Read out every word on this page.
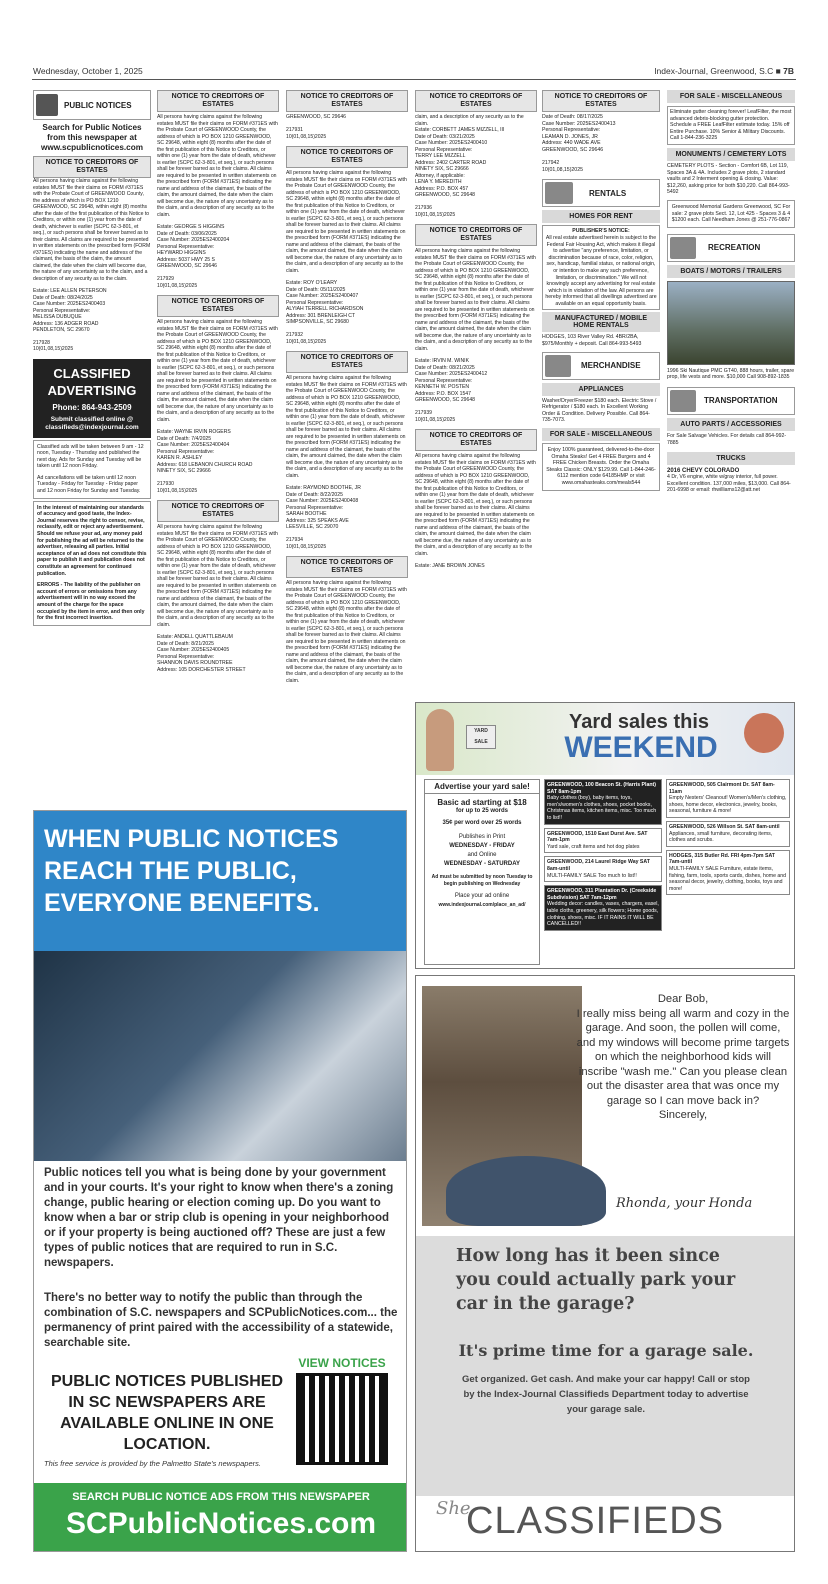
Wednesday, October 1, 2025	Index-Journal, Greenwood, S.C ■ 7B
PUBLIC NOTICES
Search for Public Notices from this newspaper at www.scpublicnotices.com
NOTICE TO CREDITORS OF ESTATES

All persons having claims against the following estates MUST file their claims on FORM #371ES with the Probate Court of GREENWOOD County, the address of which is PO BOX 1210 GREENWOOD, SC 29648, within eight (8) months after the date of the first publication of this Notice to Creditors, or within one (1) year from the date of death, whichever is earlier (SCPC 62-3-801, et seq.), or such persons shall be forever barred as to their claims. All claims are required to be presented in written statements on the prescribed form (FORM #371ES) indicating the name and address of the claimant, the basis of the claim, the amount claimed, the date when the claim will become due, the nature of any uncertainty as to the claim, and a description of any security as to the claim.

Estate: LEE ALLEN PETERSON
Date of Death: 08/24/2025
Case Number: 2025ES2400403
Personal Representative:
MELISSA DUBUQUE
Address: 136 ADGER ROAD
PENDLETON, SC 29670

217928
10(01,08,15)2025

CLASSIFIED ADVERTISING
Phone: 864-943-2509
Submit classified online @ classifieds@indexjournal.com

Classified ads will be taken between 9 am - 12 noon, Tuesday - Thursday and published the next day. Ads for Sunday and Tuesday will be taken until 12 noon Friday.

Ad cancellations will be taken until 12 noon Tuesday - Friday for Tuesday - Friday paper and 12 noon Friday for Sunday and Tuesday.

In the interest of maintaining our standards of accuracy and good taste, the Index-Journal reserves the right to censor, revise, reclassify, edit or reject any advertisement. Should we refuse your ad, any money paid for publishing the ad will be returned to the advertiser, releasing all parties. Initial acceptance of an ad does not constitute this paper to publish it and publication does not constitute an agreement for continued publication.

ERRORS - The liability of the publisher on account of errors or omissions from any advertisement will in no way exceed the amount of the charge for the space occupied by the item in error, and then only for the first incorrect insertion.

NOTICE TO CREDITORS OF ESTATES

All persons having claims against the following estates MUST file their claims on FORM #371ES with the Probate Court of GREENWOOD County, the address of which is PO BOX 1210 GREENWOOD, SC 29648, within eight (8) months after the date of the first publication of this Notice to Creditors, or within one (1) year from the date of death, whichever is earlier (SCPC 62-3-801, et seq.), or such persons shall be forever barred as to their claims. All claims are required to be presented in written statements on the prescribed form (FORM #371ES) indicating the name and address of the claimant, the basis of the claim, the amount claimed, the date when the claim will become due, the nature of any uncertainty as to the claim, and a description of any security as to the claim.

Estate: GEORGE S HIGGINS
Date of Death: 03/06/2025
Case Number: 2025ES2400204
Personal Representative:
HEYWARD HIGGINS
Address: 5037 HWY 25 S
GREENWOOD, SC 29646

217929
10(01,08,15)2025

NOTICE TO CREDITORS OF ESTATES

All persons having claims against the following estates MUST file their claims on FORM #371ES with the Probate Court of GREENWOOD County, the address of which is PO BOX 1210 GREENWOOD, SC 29648, within eight (8) months after the date of the first publication of this Notice to Creditors, or within one (1) year from the date of death, whichever is earlier (SCPC 62-3-801, et seq.), or such persons shall be forever barred as to their claims. All claims are required to be presented in written statements on the prescribed form (FORM #371ES) indicating the name and address of the claimant, the basis of the claim, the amount claimed, the date when the claim will become due, the nature of any uncertainty as to the claim, and a description of any security as to the claim.

Estate: WAYNE IRVIN ROGERS
Date of Death: 7/4/2025
Case Number: 2025ES2400404
Personal Representative:
KAREN R. ASHLEY
Address: 618 LEBANON CHURCH ROAD
NINETY SIX, SC 29666

217930
10(01,08,15)2025

NOTICE TO CREDITORS OF ESTATES

All persons having claims against the following estates MUST file their claims on FORM #371ES with the Probate Court of GREENWOOD County, the address of which is PO BOX 1210 GREENWOOD, SC 29648, within eight (8) months after the date of the first publication of this Notice to Creditors, or within one (1) year from the date of death, whichever is earlier (SCPC 62-3-801, et seq.), or such persons shall be forever barred as to their claims. All claims are required to be presented in written statements on the prescribed form (FORM #371ES) indicating the name and address of the claimant, the basis of the claim, the amount claimed, the date when the claim will become due, the nature of any uncertainty as to the claim, and a description of any security as to the claim.

Estate: ANDELL QUATTLEBAUM
Date of Death: 8/21/2025
Case Number: 2025ES2400405
Personal Representative:
SHANNON DAVIS ROUNDTREE
Address: 105 DORCHESTER STREET

NOTICE TO CREDITORS OF ESTATES

GREENWOOD, SC 29646

217931
10(01,08,15)2025

NOTICE TO CREDITORS OF ESTATES

All persons having claims against the following estates MUST file their claims on FORM #371ES with the Probate Court of GREENWOOD County, the address of which is PO BOX 1210 GREENWOOD, SC 29648, within eight (8) months after the date of the first publication of this Notice to Creditors, or within one (1) year from the date of death, whichever is earlier (SCPC 62-3-801, et seq.), or such persons shall be forever barred as to their claims. All claims are required to be presented in written statements on the prescribed form (FORM #371ES) indicating the name and address of the claimant, the basis of the claim, the amount claimed, the date when the claim will become due, the nature of any uncertainty as to the claim, and a description of any security as to the claim.

Estate: ROY O'LEARY
Date of Death: 05/11/2025
Case Number: 2025ES2400407
Personal Representative:
ALYIAH TERRELL RICHARDSON
Address: 301 BRENLEIGH CT
SIMPSONVILLE, SC 29680

217932
10(01,08,15)2025

NOTICE TO CREDITORS OF ESTATES

All persons having claims against the following estates MUST file their claims on FORM #371ES with the Probate Court of GREENWOOD County, the address of which is PO BOX 1210 GREENWOOD, SC 29648, within eight (8) months after the date of the first publication of this Notice to Creditors, or within one (1) year from the date of death, whichever is earlier (SCPC 62-3-801, et seq.), or such persons shall be forever barred as to their claims. All claims are required to be presented in written statements on the prescribed form (FORM #371ES) indicating the name and address of the claimant, the basis of the claim, the amount claimed, the date when the claim will become due, the nature of any uncertainty as to the claim, and a description of any security as to the claim.

Estate: RAYMOND BOOTHE, JR
Date of Death: 8/22/2025
Case Number: 2025ES2400408
Personal Representative:
SARAH BOOTHE
Address: 325 SPEAKS AVE
LEESVILLE, SC 29070

217934
10(01,08,15)2025

NOTICE TO CREDITORS OF ESTATES

All persons having claims against the following estates MUST file their claims on FORM #371ES with the Probate Court of GREENWOOD County, the address of which is PO BOX 1210 GREENWOOD, SC 29648, within eight (8) months after the date of the first publication of this Notice to Creditors, or within one (1) year from the date of death, whichever is earlier (SCPC 62-3-801, et seq.), or such persons shall be forever barred as to their claims. All claims are required to be presented in written statements on the prescribed form (FORM #371ES) indicating the name and address of the claimant, the basis of the claim, the amount claimed, the date when the claim will become due, the nature of any uncertainty as to the claim, and a description of any security as to the claim.

NOTICE TO CREDITORS OF ESTATES

claim, and a description of any security as to the claim.
Estate: CORBETT JAMES MIZZELL, III
Date of Death: 03/21/2025
Case Number: 2025ES2400410
Personal Representative:
TERRY LEE MIZZELL
Address: 2402 CARTER ROAD
NINETY SIX, SC 29666
Attorney, if applicable:
LENA Y. MEREDITH
Address: P.O. BOX 457
GREENWOOD, SC 29648

217936
10(01,08,15)2025

NOTICE TO CREDITORS OF ESTATES

All persons having claims against the following estates MUST file their claims on FORM #371ES with the Probate Court of GREENWOOD County, the address of which is PO BOX 1210 GREENWOOD, SC 29648, within eight (8) months after the date of the first publication of this Notice to Creditors, or within one (1) year from the date of death, whichever is earlier (SCPC 62-3-801, et seq.), or such persons shall be forever barred as to their claims. All claims are required to be presented in written statements on the prescribed form (FORM #371ES) indicating the name and address of the claimant, the basis of the claim, the amount claimed, the date when the claim will become due, the nature of any uncertainty as to the claim, and a description of any security as to the claim.

Estate: IRVIN M. WINIK
Date of Death: 08/21/2025
Case Number: 2025ES2400412
Personal Representative:
KENNETH W. POSTEN
Address: P.O. BOX 1547
GREENWOOD, SC 29648

217939
10(01,08,15)2025

NOTICE TO CREDITORS OF ESTATES

All persons having claims against the following estates MUST file their claims on FORM #371ES with the Probate Court of GREENWOOD County, the address of which is PO BOX 1210 GREENWOOD, SC 29648, within eight (8) months after the date of the first publication of this Notice to Creditors, or within one (1) year from the date of death, whichever is earlier (SCPC 62-3-801, et seq.), or such persons shall be forever barred as to their claims. All claims are required to be presented in written statements on the prescribed form (FORM #371ES) indicating the name and address of the claimant, the basis of the claim, the amount claimed, the date when the claim will become due, the nature of any uncertainty as to the claim, and a description of any security as to the claim.

Estate: JANE BROWN JONES

NOTICE TO CREDITORS OF ESTATES

Date of Death: 08/17/2025
Case Number: 2025ES2400413
Personal Representative:
LEAMAN D. JONES, JR
Address: 440 WADE AVE
GREENWOOD, SC 29646

217942
10(01,08,15)2025

RENTALS
HOMES FOR RENT
PUBLISHER'S NOTICE:
All real estate advertised herein is subject to the Federal Fair Housing Act, which makes it illegal to advertise "any preference, limitation, or discrimination because of race, color, religion, sex, handicap, familial status, or national origin, or intention to make any such preference, limitation, or discrimination." We will not knowingly accept any advertising for real estate which is in violation of the law. All persons are hereby informed that all dwellings advertised are available on an equal opportunity basis.
MANUFACTURED / MOBILE HOME RENTALS

HODGES, 103 River Valley Rd. 4BR/2BA, $975/Monthly + deposit. Call 864-993-5493

MERCHANDISE
APPLIANCES

Washer/Dryer/Freezer $180 each. Electric Stove / Refrigerator / $180 each. In Excellent Working Order & Condition. Delivery Possible. Call 864-735-7073.

FOR SALE - MISCELLANEOUS

Enjoy 100% guaranteed, delivered-to-the-door Omaha Steaks! Get 4 FREE Burgers and 4 FREE Chicken Breasts. Order the Omaha Steaks Classic: ONLY $129.99. Call 1-844-246-6112 mention code 64185HMP or visit www.omahasteaks.com/meals544

FOR SALE - MISCELLANEOUS

Eliminate gutter cleaning forever! LeafFilter, the most advanced debris-blocking gutter protection. Schedule a FREE LeafFilter estimate today. 15% off Entire Purchase. 10% Senior & Military Discounts. Call 1-844-236-3225

MONUMENTS / CEMETERY LOTS

CEMETERY PLOTS - Section - Comfort 6B, Lot 119, Spaces 3A & 4A. Includes 2 grave plots, 2 standard vaults and 2 Interment opening & closing. Value: $12,260, asking price for both $10,220. Call 864-993-5492

Greenwood Memorial Gardens Greenwood, SC For sale: 2 grave plots Sect. 12, Lot 425 - Spaces 3 & 4 $1200 each. Call Needham Jones @ 251-776-0867

RECREATION
BOATS / MOTORS / TRAILERS

1996 Ski Nautique PMC GT40, 888 hours, trailer, spare prop, life vests and more. $10,000 Call 908-892-1835

TRANSPORTATION
AUTO PARTS / ACCESSORIES

For Sale Salvage Vehicles. For details call 864-992-7885

TRUCKS
2016 CHEVY COLORADO

4 Dr, V6 engine, white w/gray interior, full power. Excellent condition. 137,000 miles, $13,000. Call 864-201-6998 or email: rhwilliams12@att.net

YARD SALE
Yard sales this
WEEKEND
Advertise your yard sale!
Basic ad starting at $18
for up to 25 words
35¢ per word over 25 words
Publishes in Print
WEDNESDAY - FRIDAY
and Online
WEDNESDAY - SATURDAY
Ad must be submitted by noon Tuesday to begin publishing on Wednesday
Place your ad online
www.indexjournal.com/place_an_ad/
GREENWOOD, 100 Beacon St. (Harris Plant) SAT 8am-1pm
Baby clothes (boy), baby items, toys, men's/women's clothes, shoes, pocket books, Christmas items, kitchen items, misc. Too much to list!!
GREENWOOD, 1510 East Durst Ave. SAT 7am-1pm
Yard sale, craft items and hot dog plates
GREENWOOD, 214 Laurel Ridge Way SAT 8am-until
MULTI-FAMILY SALE Too much to list!!
GREENWOOD, 311 Plantation Dr. (Creekside Subdivision) SAT 7am-12pm
Wedding decor: candles, vases, chargers, easel, table cloths, greenery, silk flowers; Home goods, clothing, shoes, misc. IF IT RAINS IT WILL BE CANCELLED!!
GREENWOOD, 505 Clairmont Dr. SAT 8am-11am
Empty Nesters' Cleanout! Women's/Men's clothing, shoes, home decor, electronics, jewelry, books, seasonal, furniture & more!
GREENWOOD, 526 Willson St. SAT 8am-until
Appliances, small furniture, decorating items, clothes and scrubs.
HODGES, 315 Butler Rd. FRI 4pm-7pm SAT 7am-until
MULTI-FAMILY SALE Furniture, estate items, fishing, farm, tools, sports cards, dishes, home and seasonal decor, jewelry, clothing, books, toys and more!
WHEN PUBLIC NOTICES REACH THE PUBLIC, EVERYONE BENEFITS.
Public notices tell you what is being done by your government and in your courts. It's your right to know when there's a zoning change, public hearing or election coming up. Do you want to know when a bar or strip club is opening in your neighborhood or if your property is being auctioned off? These are just a few types of public notices that are required to run in S.C. newspapers.
There's no better way to notify the public than through the combination of S.C. newspapers and SCPublicNotices.com... the permanency of print paired with the accessibility of a statewide, searchable site.
PUBLIC NOTICES PUBLISHED IN SC NEWSPAPERS ARE AVAILABLE ONLINE IN ONE LOCATION.
VIEW NOTICES
This free service is provided by the Palmetto State's newspapers.
SEARCH PUBLIC NOTICE ADS FROM THIS NEWSPAPER
SCPublicNotices.com
Dear Bob,
I really miss being all warm and cozy in the garage. And soon, the pollen will come, and my windows will become prime targets on which the neighborhood kids will inscribe "wash me." Can you please clean out the disaster area that was once my garage so I can move back in?
Sincerely,
Rhonda, your Honda
How long has it been since you could actually park your car in the garage?
It's prime time for a garage sale.
Get organized. Get cash. And make your car happy! Call or stop by the Index-Journal Classifieds Department today to advertise your garage sale.
She
CLASSIFIEDS
